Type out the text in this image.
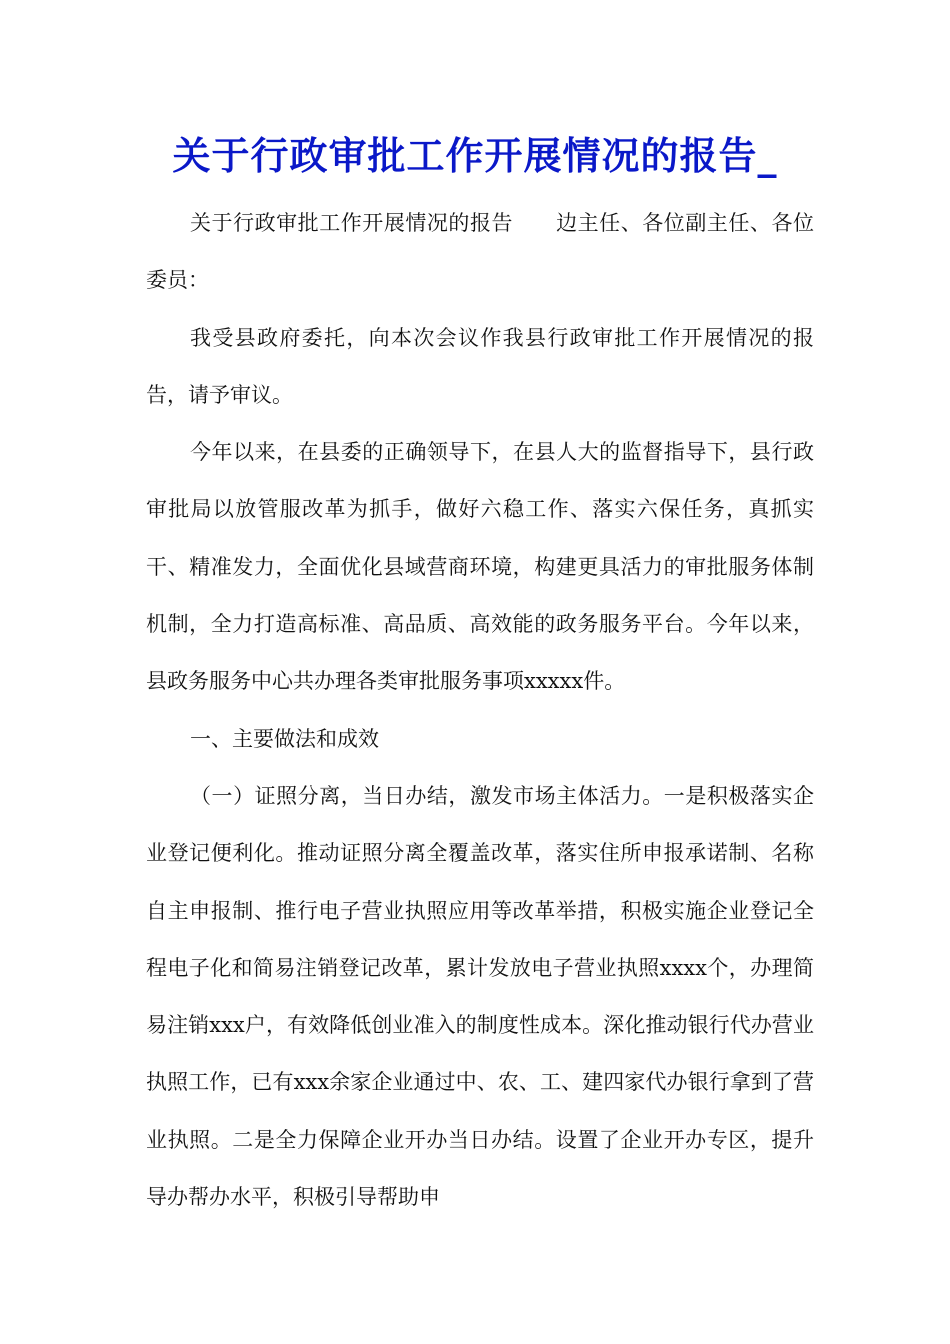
关于行政审批工作开展情况的报告_

关于行政审批工作开展情况的报告　　边主任、各位副主任、各位委员：

我受县政府委托，向本次会议作我县行政审批工作开展情况的报告，请予审议。

今年以来，在县委的正确领导下，在县人大的监督指导下，县行政审批局以放管服改革为抓手，做好六稳工作、落实六保任务，真抓实干、精准发力，全面优化县域营商环境，构建更具活力的审批服务体制机制，全力打造高标准、高品质、高效能的政务服务平台。今年以来，县政务服务中心共办理各类审批服务事项xxxxx件。

一、主要做法和成效

（一）证照分离，当日办结，激发市场主体活力。一是积极落实企业登记便利化。推动证照分离全覆盖改革，落实住所申报承诺制、名称自主申报制、推行电子营业执照应用等改革举措，积极实施企业登记全程电子化和简易注销登记改革，累计发放电子营业执照xxxx个，办理简易注销xxx户，有效降低创业准入的制度性成本。深化推动银行代办营业执照工作，已有xxx余家企业通过中、农、工、建四家代办银行拿到了营业执照。二是全力保障企业开办当日办结。设置了企业开办专区，提升导办帮办水平，积极引导帮助申
